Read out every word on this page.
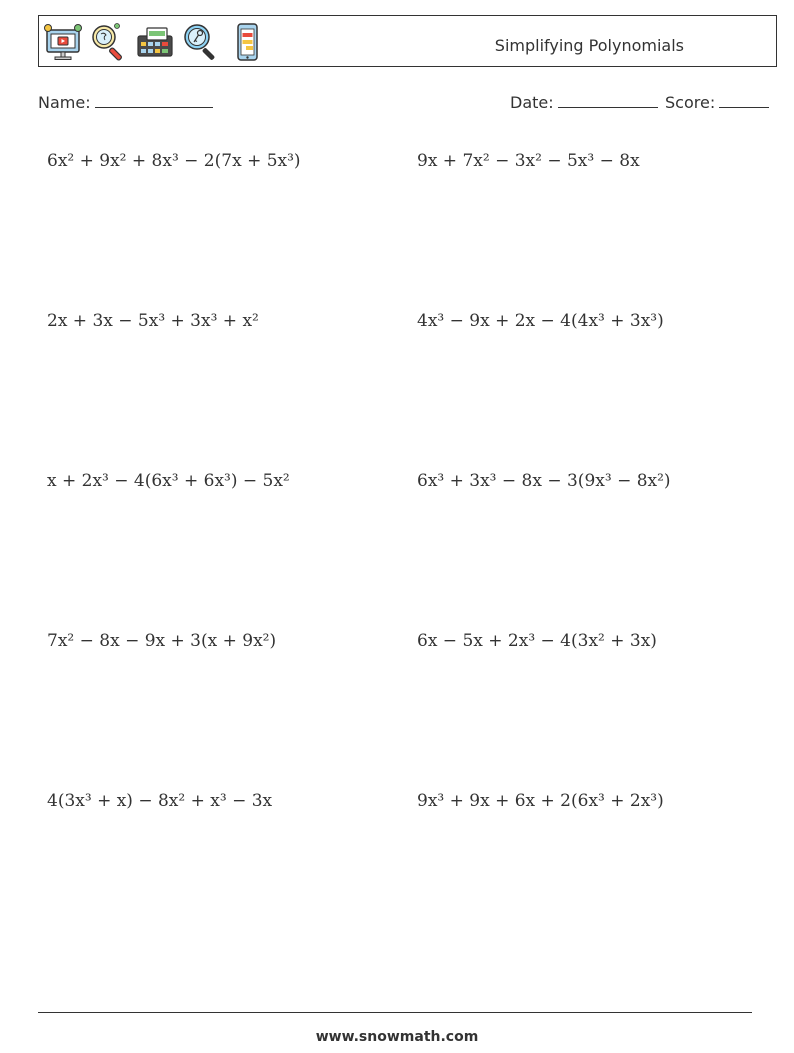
Simplifying Polynomials
Name:	Date:	Score:
6x² + 9x² + 8x³ − 2(7x + 5x³)	9x + 7x² − 3x² − 5x³ − 8x
2x + 3x − 5x³ + 3x³ + x²	4x³ − 9x + 2x − 4(4x³ + 3x³)
x + 2x³ − 4(6x³ + 6x³) − 5x²	6x³ + 3x³ − 8x − 3(9x³ − 8x²)
7x² − 8x − 9x + 3(x + 9x²)	6x − 5x + 2x³ − 4(3x² + 3x)
4(3x³ + x) − 8x² + x³ − 3x	9x³ + 9x + 6x + 2(6x³ + 2x³)
www.snowmath.com
